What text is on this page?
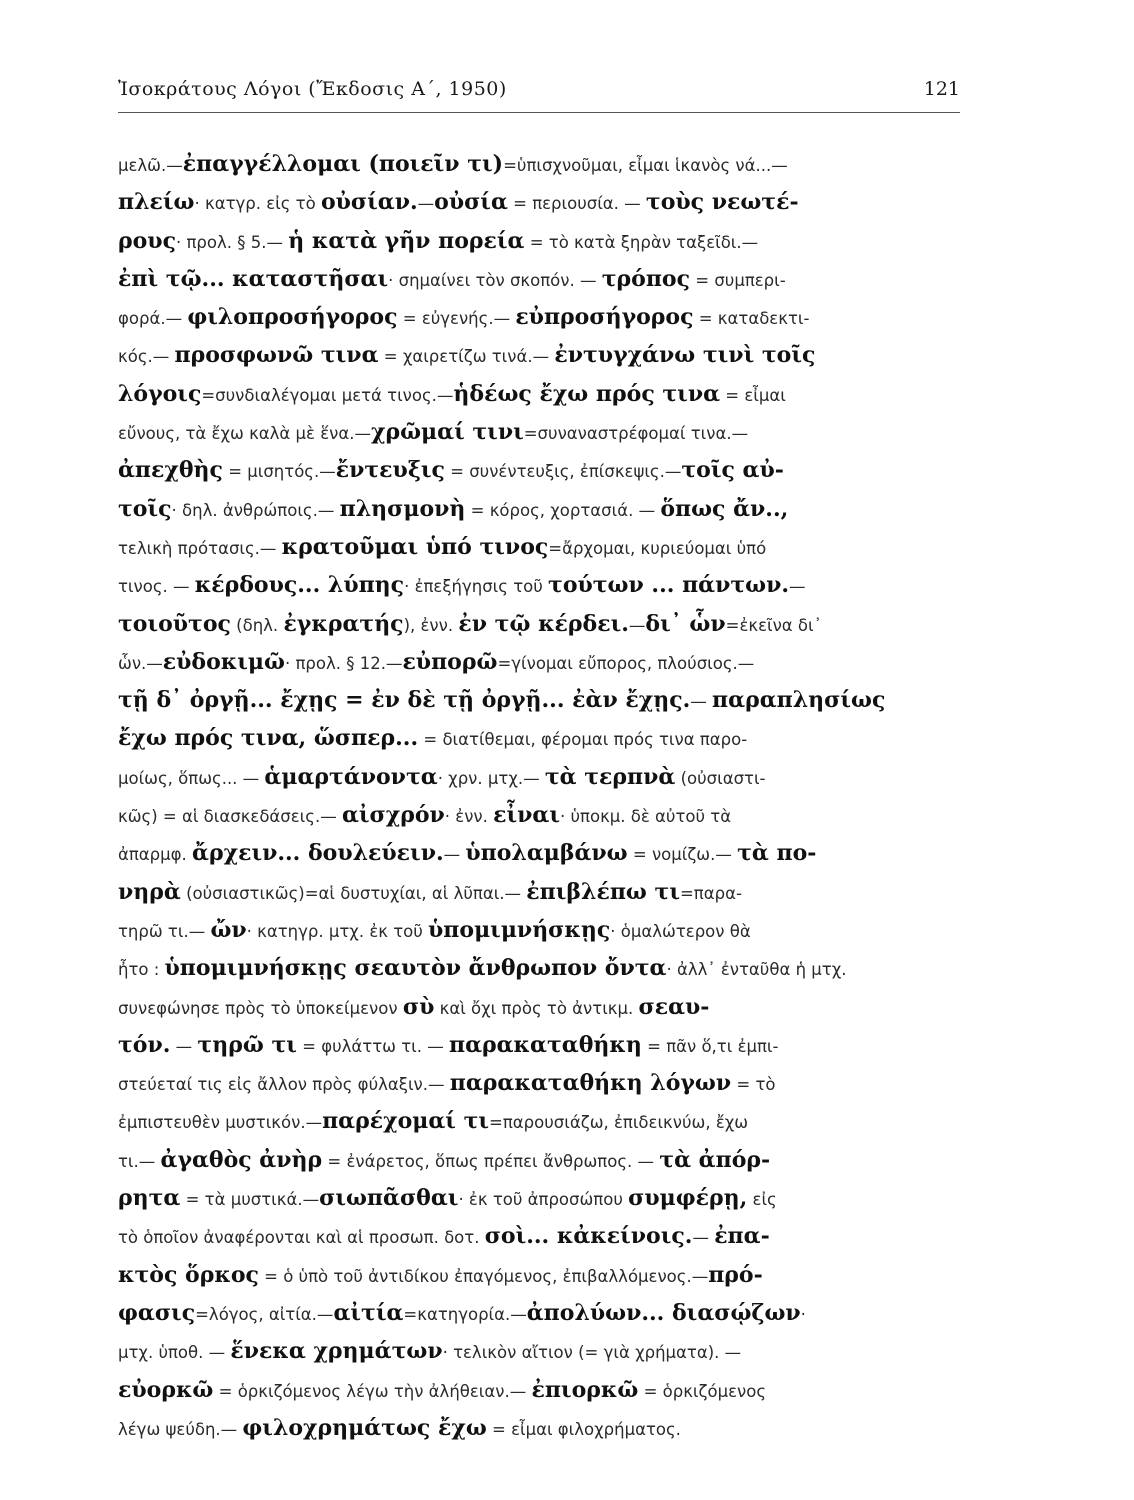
Ἰσοκράτους Λόγοι (Ἔκδοσις Α΄, 1950)	121
μελῶ.—ἐπαγγέλλομαι (ποιεῖν τι)=ὑπισχνοῦμαι, εἶμαι ἱκανὸς νά...—
πλείω· κατγρ. εἰς τὸ οὐσίαν.—οὐσία = περιουσία. — τοὺς νεωτέ-
ρους· προλ. § 5.— ἡ κατὰ γῆν πορεία = τὸ κατὰ ξηρὰν ταξεῖδι.—
ἐπὶ τῷ... καταστῆσαι· σημαίνει τὸν σκοπόν. — τρόπος = συμπερι-
φορά.— φιλοπροσήγορος = εὐγενής.— εὐπροσήγορος = καταδεκτι-
κός.— προσφωνῶ τινα = χαιρετίζω τινά.— ἐντυγχάνω τινὶ τοῖς
λόγοις=συνδιαλέγομαι μετά τινος.—ἡδέως ἔχω πρός τινα = εἶμαι
εὔνους, τὰ ἔχω καλὰ μὲ ἕνα.—χρῶμαί τινι=συναναστρέφομαί τινα.—
ἀπεχθὴς = μισητός.—ἔντευξις = συνέντευξις, ἐπίσκεψις.—τοῖς αὐ-
τοῖς· δηλ. ἀνθρώποις.— πλησμονὴ = κόρος, χορτασιά. — ὅπως ἄν..,
τελικὴ πρότασις.— κρατοῦμαι ὑπό τινος=ἄρχομαι, κυριεύομαι ὑπό
τινος. — κέρδους... λύπης· ἐπεξήγησις τοῦ τούτων ... πάντων.—
τοιοῦτος (δηλ. ἐγκρατής), ἐνν. ἐν τῷ κέρδει.—δι᾿ ὧν=ἐκεῖνα δι᾿
ὧν.—εὐδοκιμῶ· προλ. § 12.—εὐπορῶ=γίνομαι εὔπορος, πλούσιος.—
τῇ δ᾿ ὀργῇ... ἔχῃς = ἐν δὲ τῇ ὀργῇ... ἐὰν ἔχῃς.— παραπλησίως
ἔχω πρός τινα, ὥσπερ... = διατίθεμαι, φέρομαι πρός τινα παρο-
μοίως, ὅπως... — ἁμαρτάνοντα· χρν. μτχ.— τὰ τερπνὰ (οὐσιαστι-
κῶς) = αἱ διασκεδάσεις.— αἰσχρόν· ἐνν. εἶναι· ὑποκμ. δὲ αὐτοῦ τὰ
ἀπαρμφ. ἄρχειν... δουλεύειν.— ὑπολαμβάνω = νομίζω.— τὰ πο-
νηρὰ (οὐσιαστικῶς)=αἱ δυστυχίαι, αἱ λῦπαι.— ἐπιβλέπω τι=παρα-
τηρῶ τι.— ὤν· κατηγρ. μτχ. ἐκ τοῦ ὑπομιμνήσκῃς· ὁμαλώτερον θὰ
ἦτο : ὑπομιμνήσκῃς σεαυτὸν ἄνθρωπον ὄντα· ἀλλ᾿ ἐνταῦθα ἡ μτχ.
συνεφώνησε πρὸς τὸ ὑποκείμενον σὺ καὶ ὄχι πρὸς τὸ ἀντικμ. σεαυ-
τόν. — τηρῶ τι = φυλάττω τι. — παρακαταθήκη = πᾶν ὅ,τι ἐμπι-
στεύεταί τις εἰς ἄλλον πρὸς φύλαξιν.— παρακαταθήκη λόγων = τὸ
ἐμπιστευθὲν μυστικόν.—παρέχομαί τι=παρουσιάζω, ἐπιδεικνύω, ἔχω
τι.— ἀγαθὸς ἀνὴρ = ἐνάρετος, ὅπως πρέπει ἄνθρωπος. — τὰ ἀπόρ-
ρητα = τὰ μυστικά.—σιωπᾶσθαι· ἐκ τοῦ ἀπροσώπου συμφέρῃ, εἰς
τὸ ὁποῖον ἀναφέρονται καὶ αἱ προσωπ. δοτ. σοὶ... κἀκείνοις.— ἐπα-
κτὸς ὅρκος = ὁ ὑπὸ τοῦ ἀντιδίκου ἐπαγόμενος, ἐπιβαλλόμενος.—πρό-
φασις=λόγος, αἰτία.—αἰτία=κατηγορία.—ἀπολύων... διασῴζων·
μτχ. ὑποθ. — ἕνεκα χρημάτων· τελικὸν αἴτιον (= γιὰ χρήματα). —
εὐορκῶ = ὁρκιζόμενος λέγω τὴν ἀλήθειαν.— ἐπιορκῶ = ὁρκιζόμενος
λέγω ψεύδη.— φιλοχρημάτως ἔχω = εἶμαι φιλοχρήματος.
